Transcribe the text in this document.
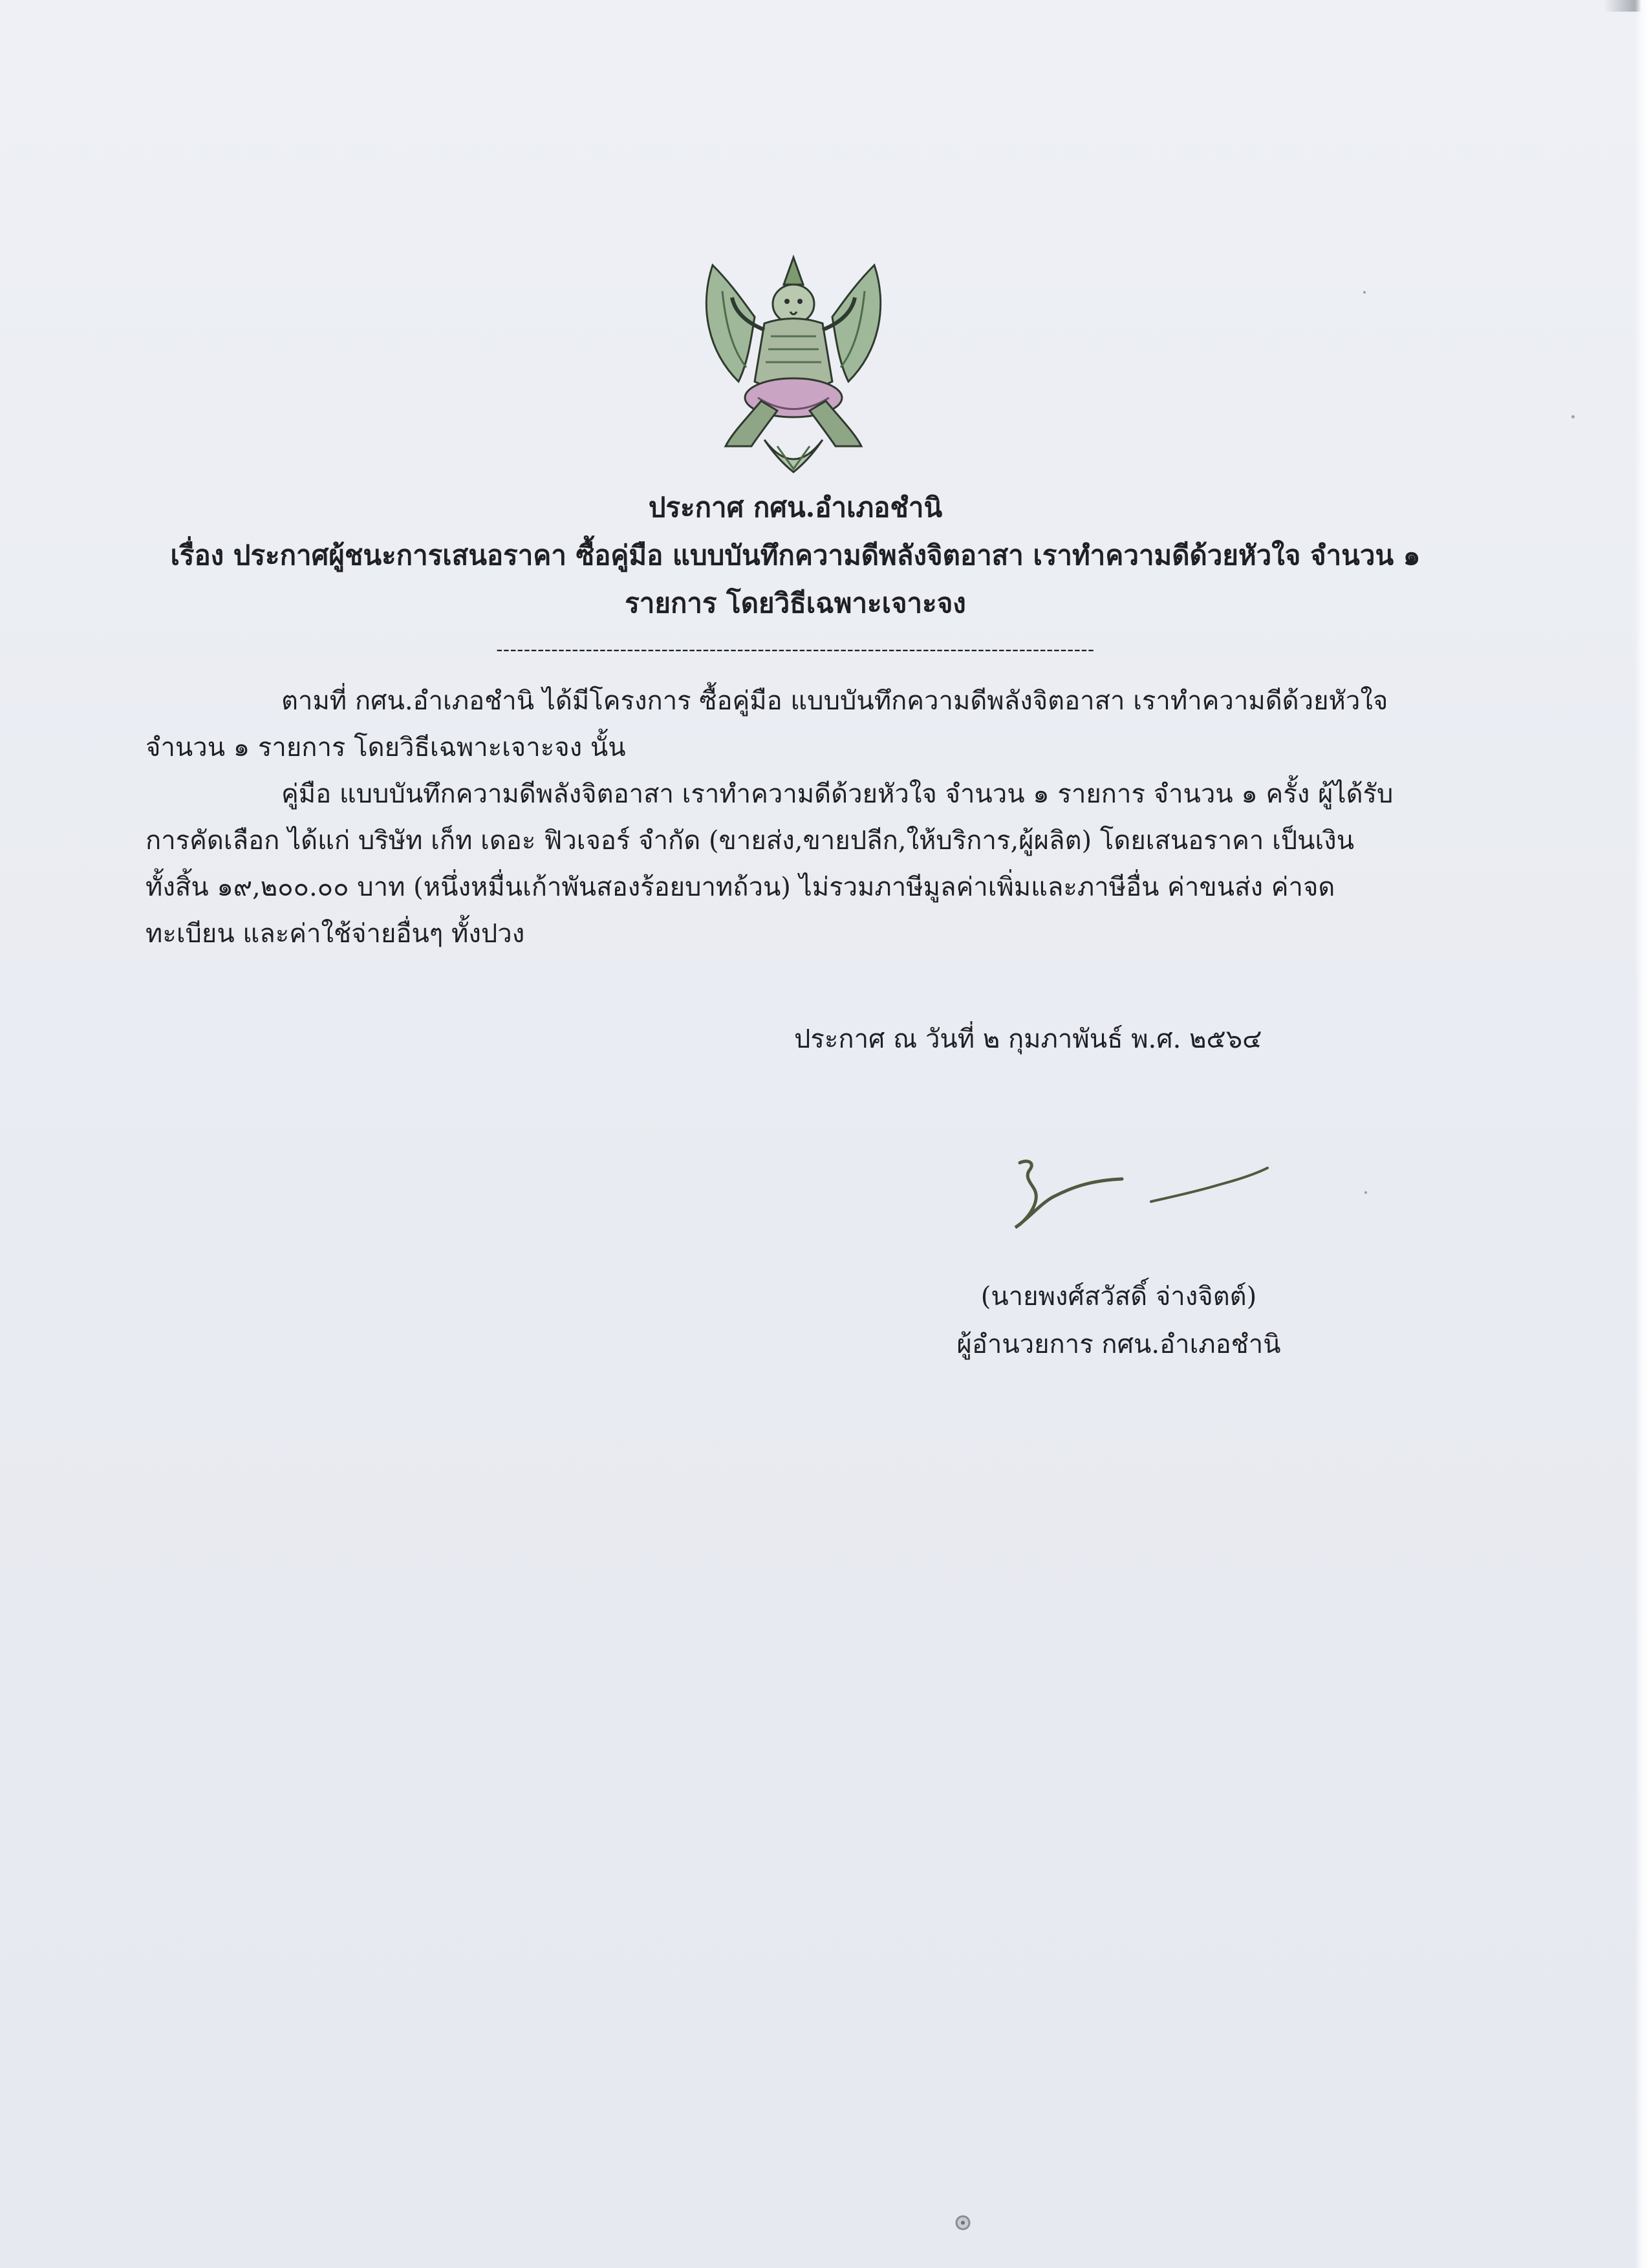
ประกาศ กศน.อำเภอชำนิ
เรื่อง ประกาศผู้ชนะการเสนอราคา ซื้อคู่มือ แบบบันทึกความดีพลังจิตอาสา เราทำความดีด้วยหัวใจ จำนวน ๑
รายการ โดยวิธีเฉพาะเจาะจง
---------------------------------------------------------------------------------------
ตามที่ กศน.อำเภอชำนิ ได้มีโครงการ ซื้อคู่มือ แบบบันทึกความดีพลังจิตอาสา เราทำความดีด้วยหัวใจ
จำนวน ๑ รายการ โดยวิธีเฉพาะเจาะจง นั้น
คู่มือ แบบบันทึกความดีพลังจิตอาสา เราทำความดีด้วยหัวใจ จำนวน ๑ รายการ จำนวน ๑ ครั้ง ผู้ได้รับ
การคัดเลือก ได้แก่ บริษัท เก็ท เดอะ ฟิวเจอร์ จำกัด (ขายส่ง,ขายปลีก,ให้บริการ,ผู้ผลิต) โดยเสนอราคา เป็นเงิน
ทั้งสิ้น ๑๙,๒๐๐.๐๐ บาท (หนึ่งหมื่นเก้าพันสองร้อยบาทถ้วน) ไม่รวมภาษีมูลค่าเพิ่มและภาษีอื่น ค่าขนส่ง ค่าจด
ทะเบียน และค่าใช้จ่ายอื่นๆ ทั้งปวง
ประกาศ ณ วันที่ ๒ กุมภาพันธ์ พ.ศ. ๒๕๖๔
(นายพงศ์สวัสดิ์ จ่างจิตต์)
ผู้อำนวยการ กศน.อำเภอชำนิ
